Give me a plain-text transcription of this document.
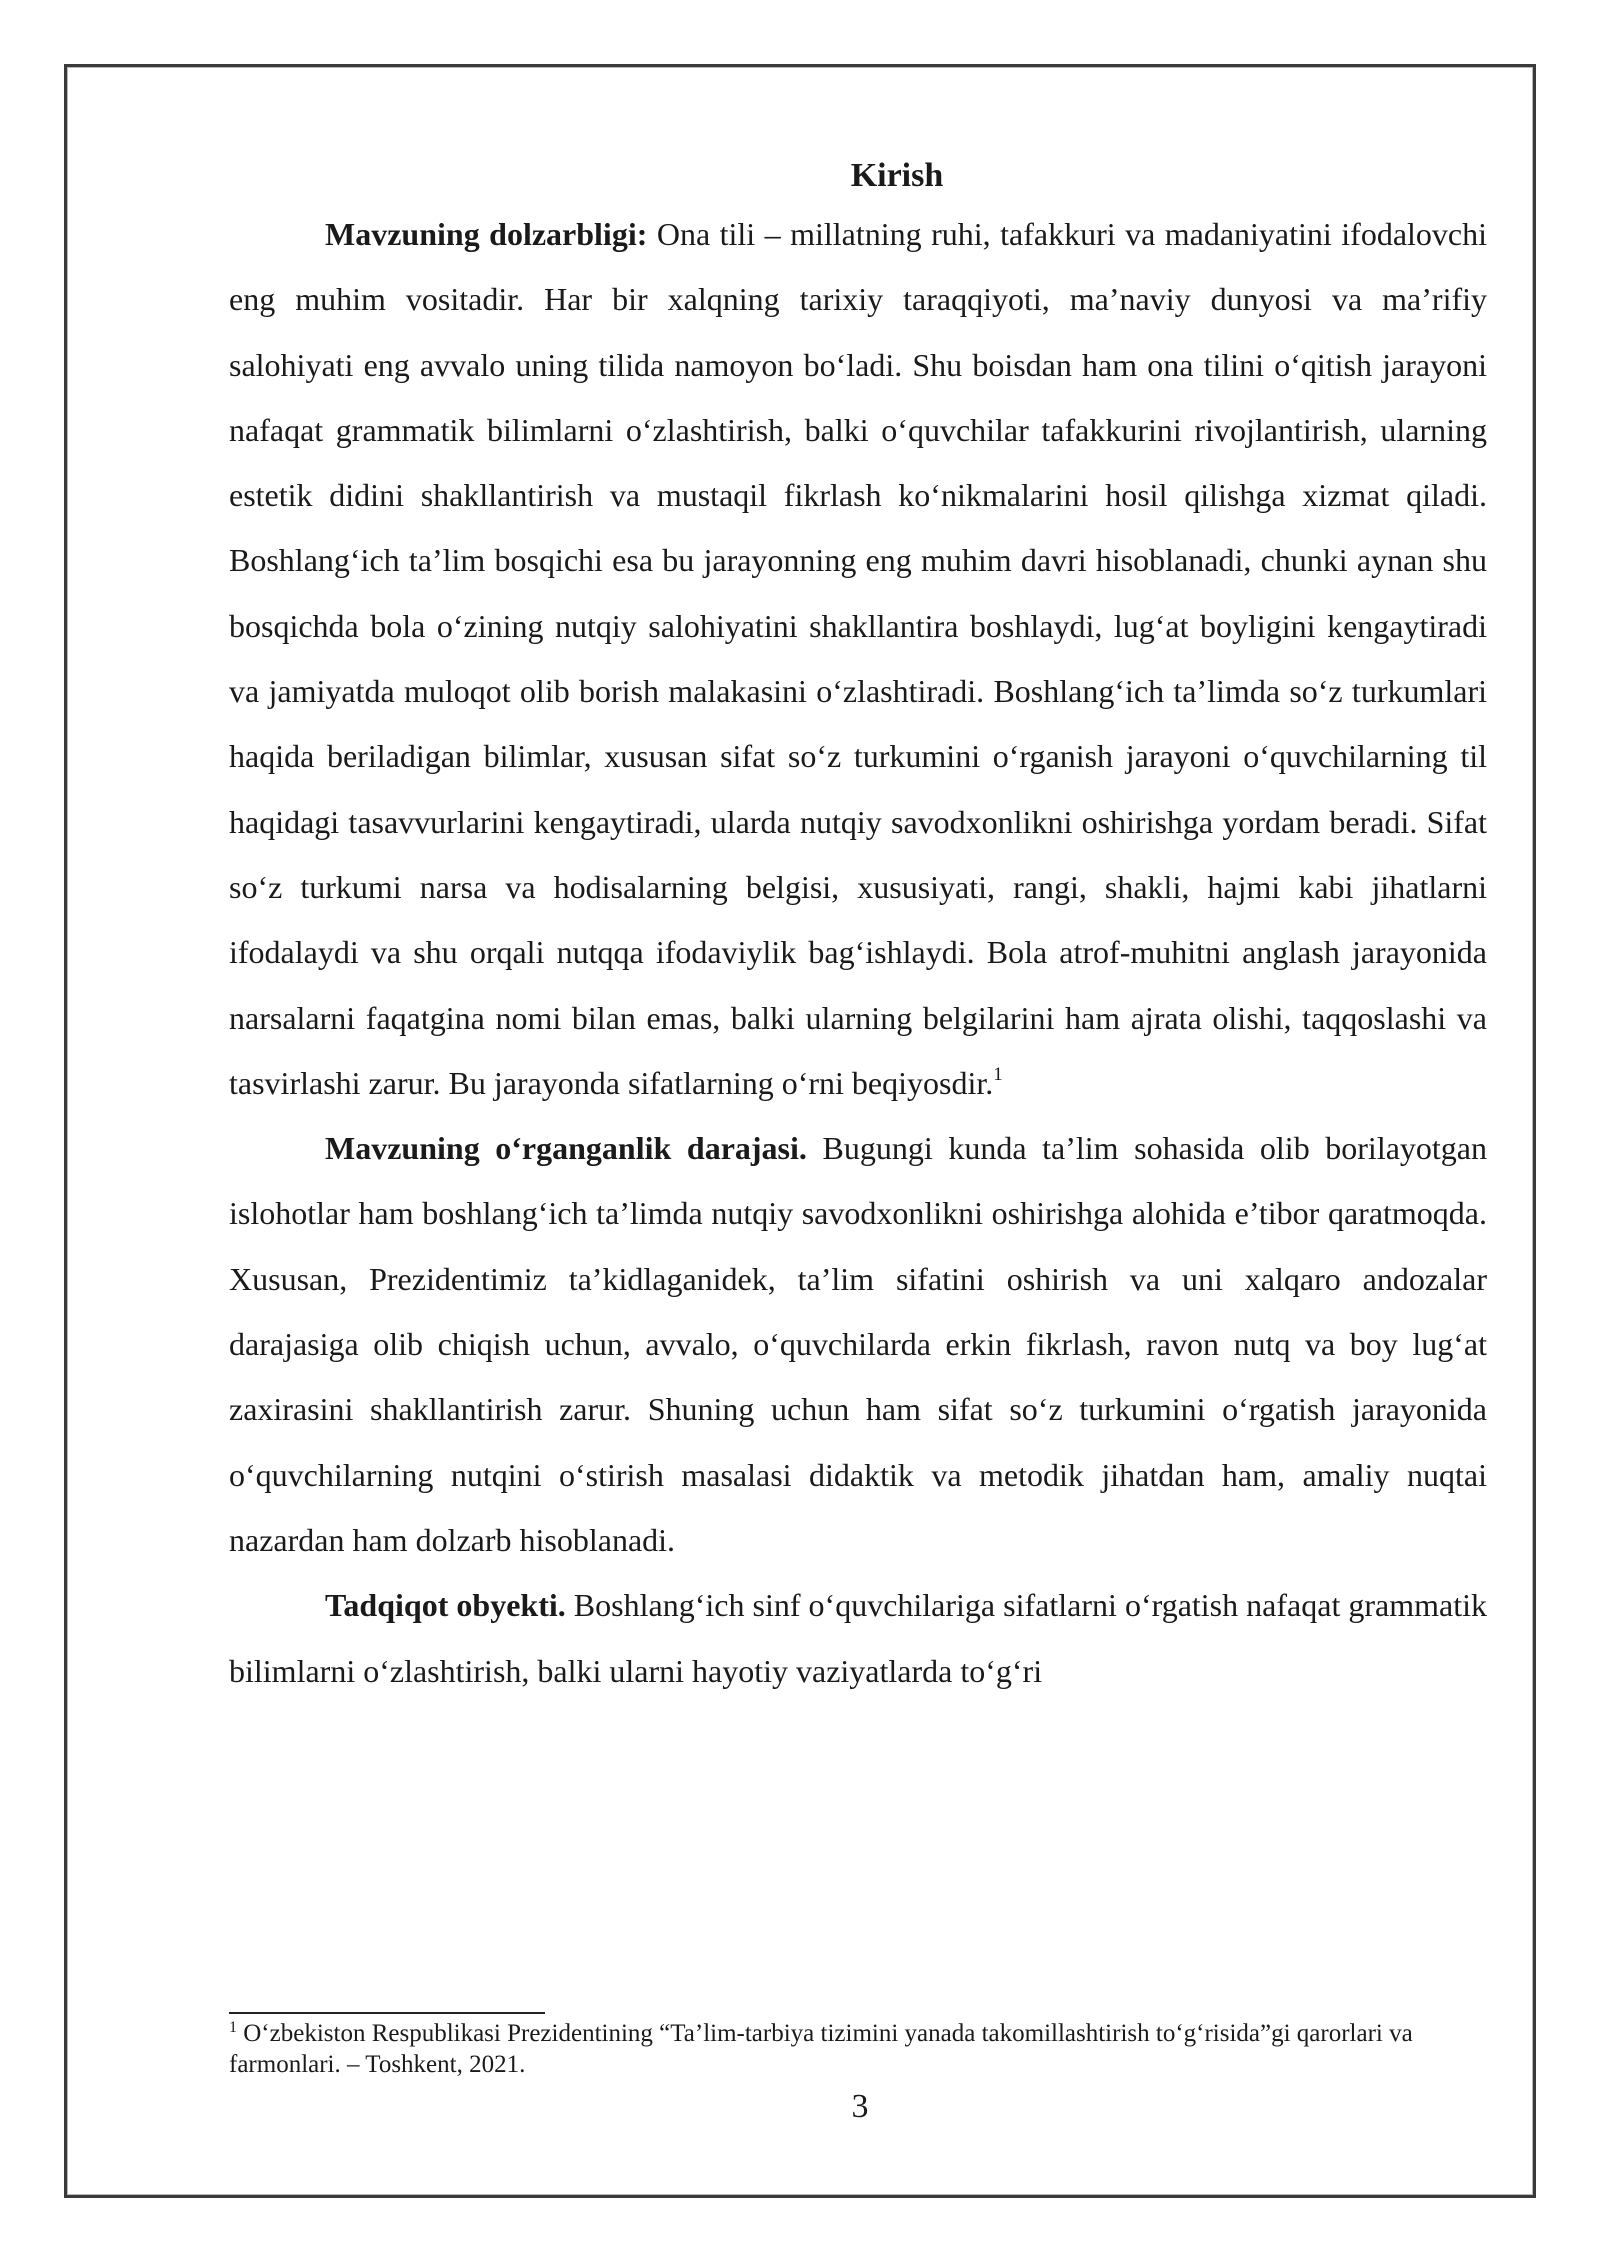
Kirish

Mavzuning dolzarbligi: Ona tili – millatning ruhi, tafakkuri va madaniyatini ifodalovchi eng muhim vositadir. Har bir xalqning tarixiy taraqqiyoti, ma’naviy dunyosi va ma’rifiy salohiyati eng avvalo uning tilida namoyon bo‘ladi. Shu boisdan ham ona tilini o‘qitish jarayoni nafaqat grammatik bilimlarni o‘zlashtirish, balki o‘quvchilar tafakkurini rivojlantirish, ularning estetik didini shakllantirish va mustaqil fikrlash ko‘nikmalarini hosil qilishga xizmat qiladi. Boshlang‘ich ta’lim bosqichi esa bu jarayonning eng muhim davri hisoblanadi, chunki aynan shu bosqichda bola o‘zining nutqiy salohiyatini shakllantira boshlaydi, lug‘at boyligini kengaytiradi va jamiyatda muloqot olib borish malakasini o‘zlashtiradi. Boshlang‘ich ta’limda so‘z turkumlari haqida beriladigan bilimlar, xususan sifat so‘z turkumini o‘rganish jarayoni o‘quvchilarning til haqidagi tasavvurlarini kengaytiradi, ularda nutqiy savodxonlikni oshirishga yordam beradi. Sifat so‘z turkumi narsa va hodisalarning belgisi, xususiyati, rangi, shakli, hajmi kabi jihatlarni ifodalaydi va shu orqali nutqqa ifodaviylik bag‘ishlaydi. Bola atrof-muhitni anglash jarayonida narsalarni faqatgina nomi bilan emas, balki ularning belgilarini ham ajrata olishi, taqqoslashi va tasvirlashi zarur. Bu jarayonda sifatlarning o‘rni beqiyosdir.$^1$

Mavzuning o‘rganganlik darajasi. Bugungi kunda ta’lim sohasida olib borilayotgan islohotlar ham boshlang‘ich ta’limda nutqiy savodxonlikni oshirishga alohida e’tibor qaratmoqda. Xususan, Prezidentimiz ta’kidlaganidek, ta’lim sifatini oshirish va uni xalqaro andozalar darajasiga olib chiqish uchun, avvalo, o‘quvchilarda erkin fikrlash, ravon nutq va boy lug‘at zaxirasini shakllantirish zarur. Shuning uchun ham sifat so‘z turkumini o‘rgatish jarayonida o‘quvchilarning nutqini o‘stirish masalasi didaktik va metodik jihatdan ham, amaliy nuqtai nazardan ham dolzarb hisoblanadi.

Tadqiqot obyekti. Boshlang‘ich sinf o‘quvchilariga sifatlarni o‘rgatish nafaqat grammatik bilimlarni o‘zlashtirish, balki ularni hayotiy vaziyatlarda to‘g‘ri

$^1$ O‘zbekiston Respublikasi Prezidentining “Ta’lim-tarbiya tizimini yanada takomillashtirish to‘g‘risida”gi qarorlari va farmonlari. – Toshkent, 2021.

3
